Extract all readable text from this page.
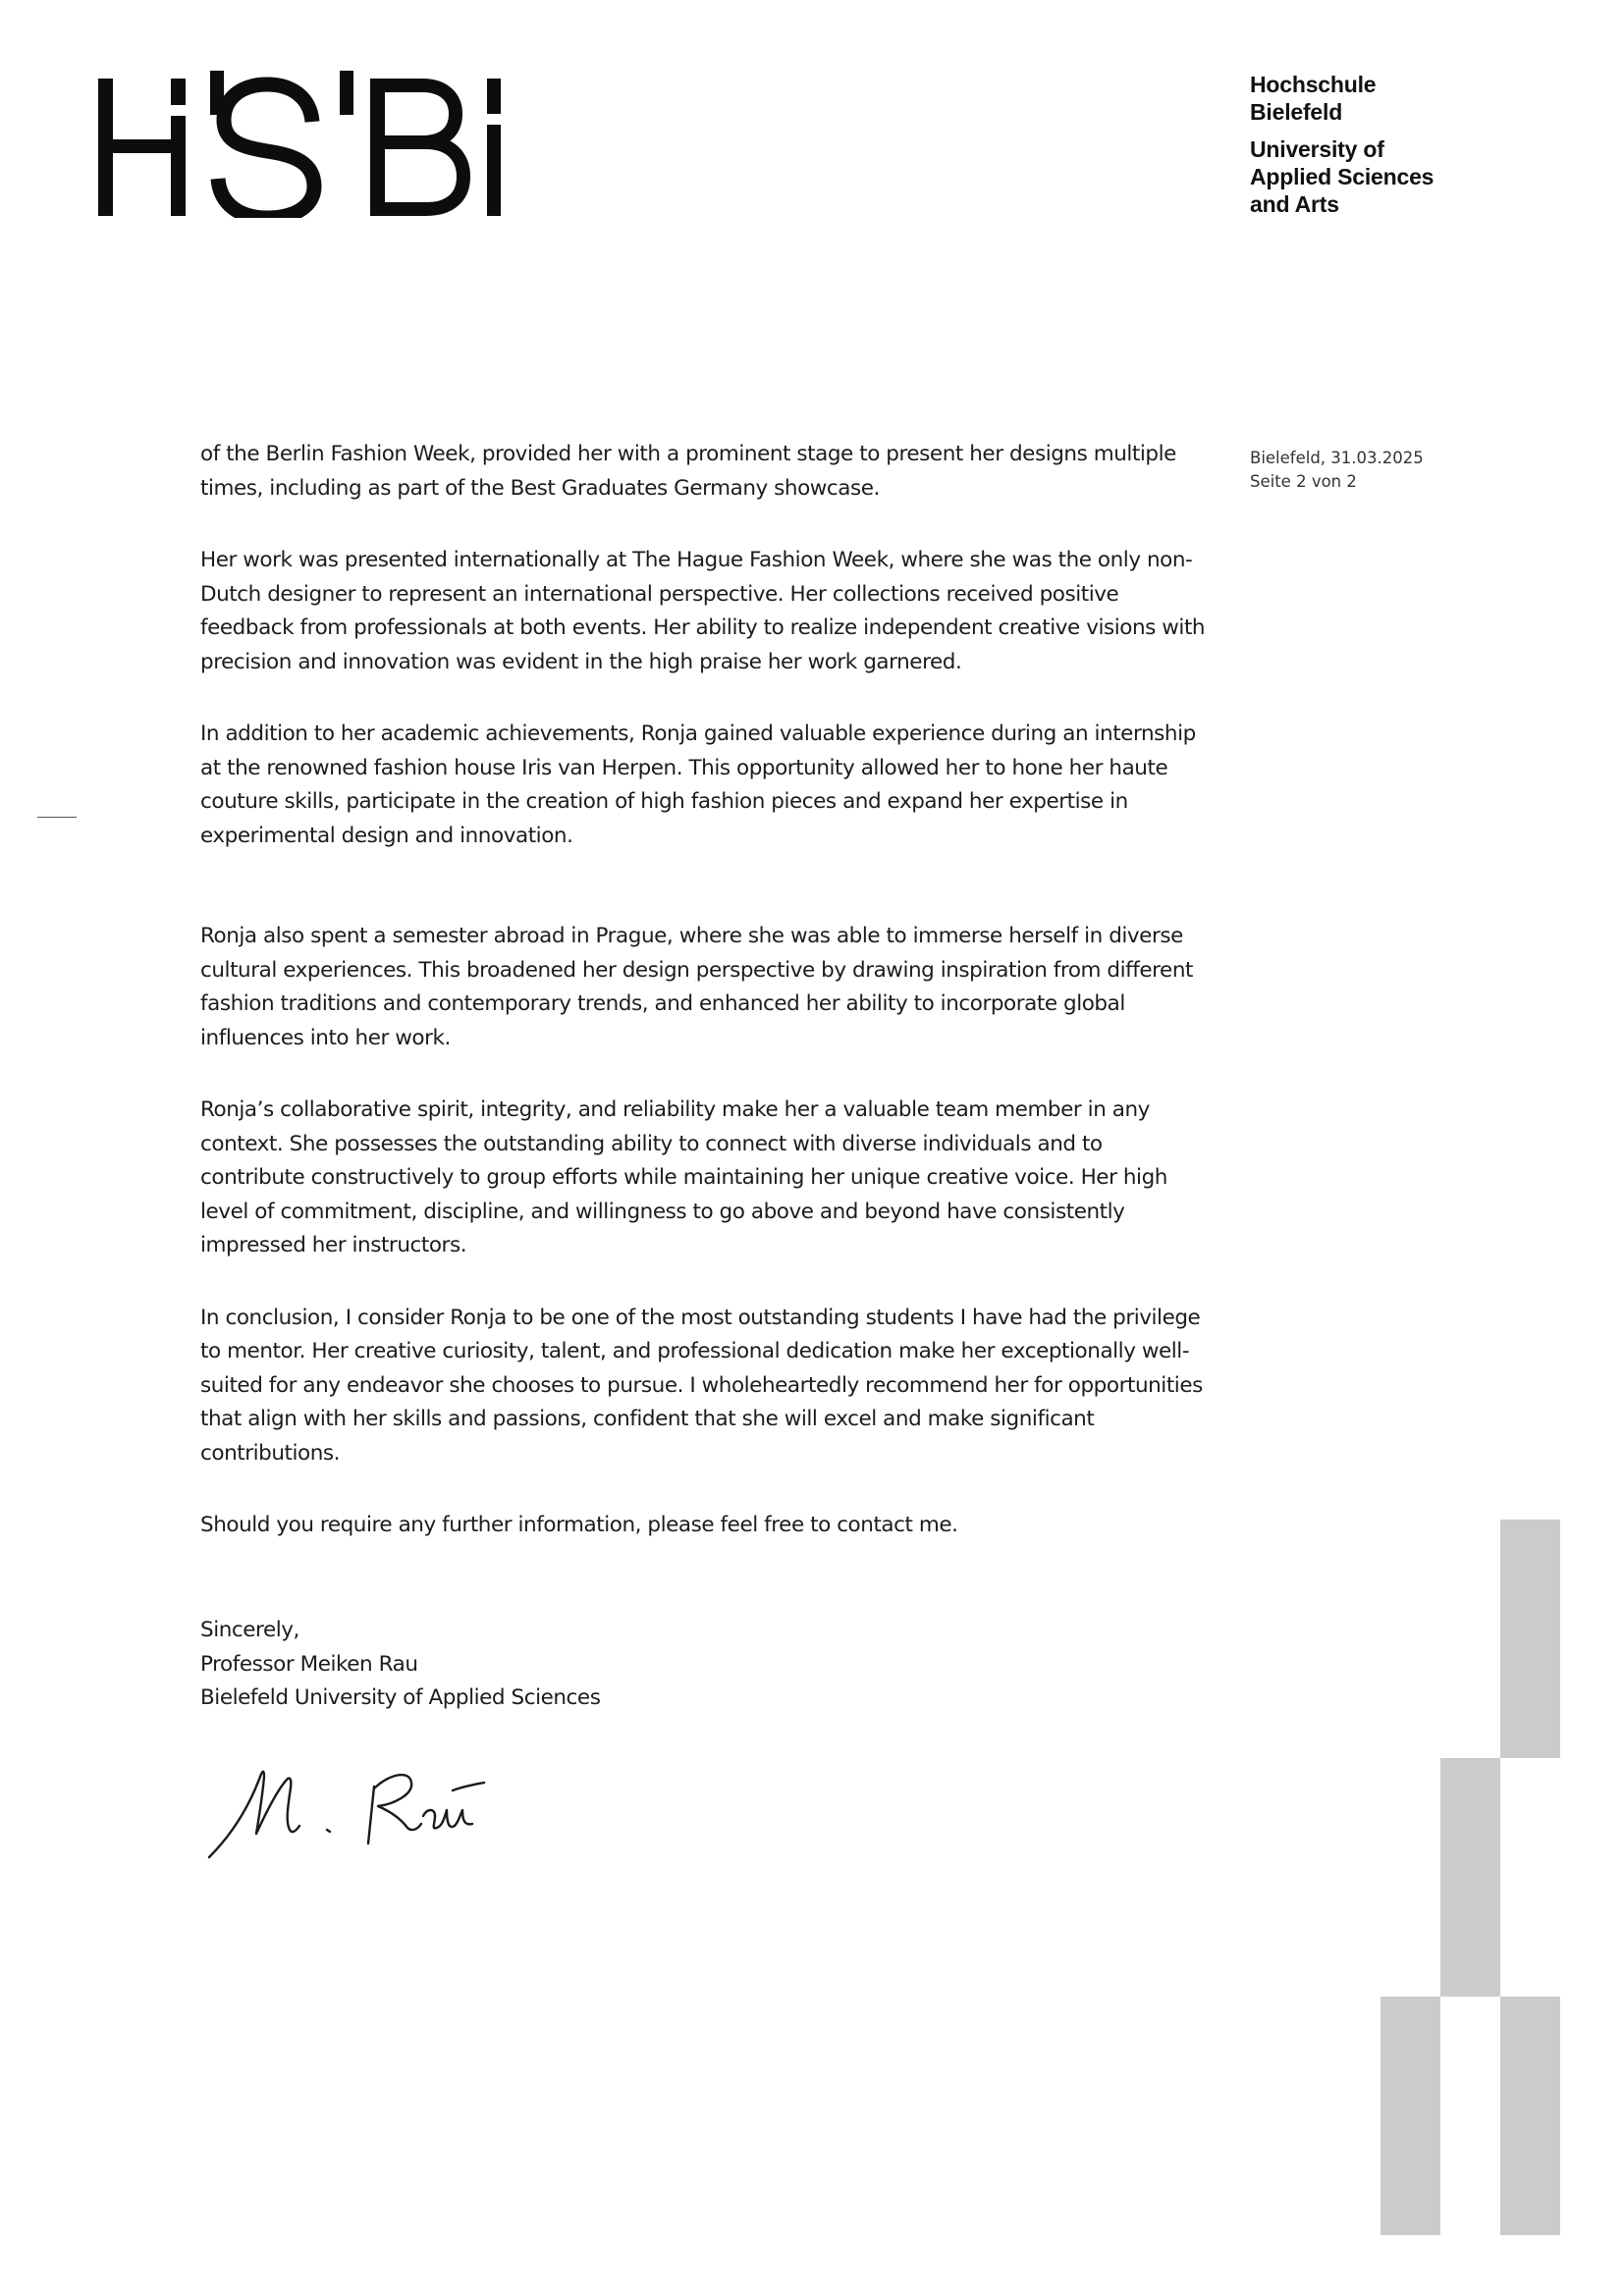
Hochschule
Bielefeld
University of
Applied Sciences
and Arts
Bielefeld, 31.03.2025
Seite 2 von 2

of the Berlin Fashion Week, provided her with a prominent stage to present her designs multiple times, including as part of the Best Graduates Germany showcase.

Her work was presented internationally at The Hague Fashion Week, where she was the only non-Dutch designer to represent an international perspective. Her collections received positive feedback from professionals at both events. Her ability to realize independent creative visions with precision and innovation was evident in the high praise her work garnered.

In addition to her academic achievements, Ronja gained valuable experience during an internship at the renowned fashion house Iris van Herpen. This opportunity allowed her to hone her haute couture skills, participate in the creation of high fashion pieces and expand her expertise in experimental design and innovation.

Ronja also spent a semester abroad in Prague, where she was able to immerse herself in diverse cultural experiences. This broadened her design perspective by drawing inspiration from different fashion traditions and contemporary trends, and enhanced her ability to incorporate global influences into her work.

Ronja’s collaborative spirit, integrity, and reliability make her a valuable team member in any context. She possesses the outstanding ability to connect with diverse individuals and to contribute constructively to group efforts while maintaining her unique creative voice. Her high level of commitment, discipline, and willingness to go above and beyond have consistently impressed her instructors.

In conclusion, I consider Ronja to be one of the most outstanding students I have had the privilege to mentor. Her creative curiosity, talent, and professional dedication make her exceptionally well-suited for any endeavor she chooses to pursue. I wholeheartedly recommend her for opportunities that align with her skills and passions, confident that she will excel and make significant contributions.

Should you require any further information, please feel free to contact me.

Sincerely,
Professor Meiken Rau
Bielefeld University of Applied Sciences
